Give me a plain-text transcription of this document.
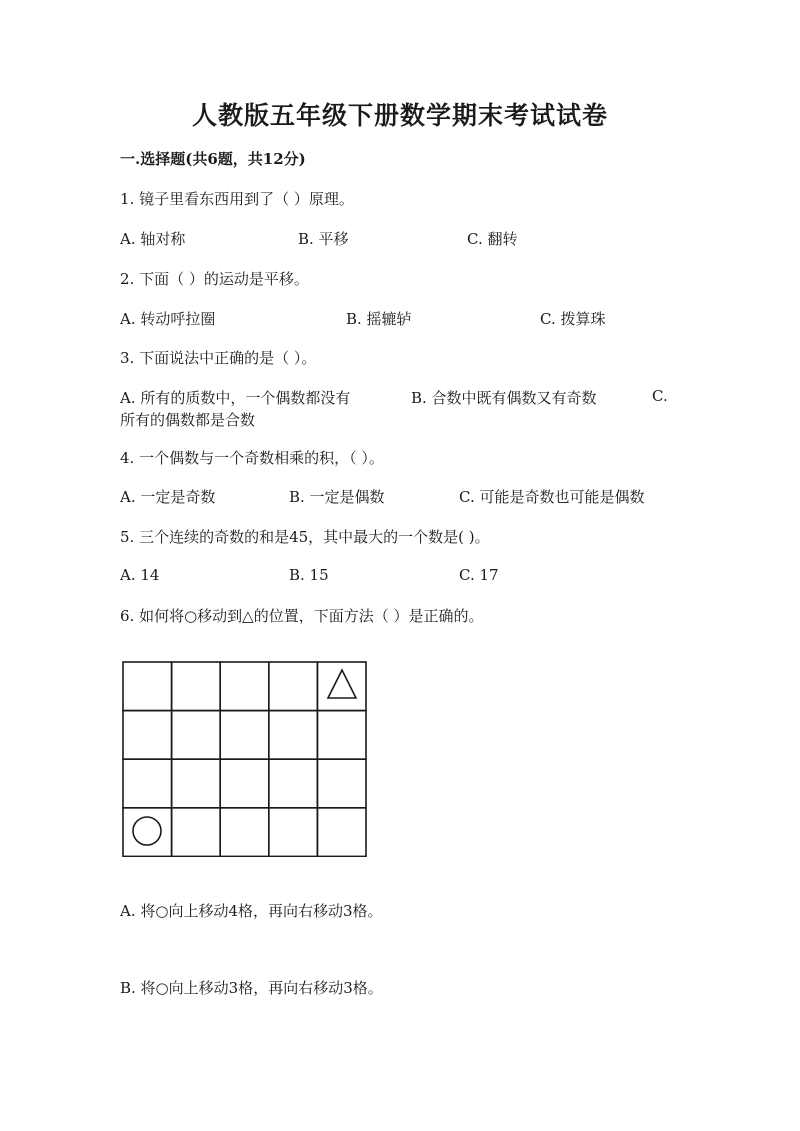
人教版五年级下册数学期末考试试卷
一.选择题(共6题，共12分)
1. 镜子里看东西用到了（ ）原理。
A. 轴对称	B. 平移	C. 翻转
2. 下面（ ）的运动是平移。
A. 转动呼拉圈	B. 摇辘轳	C. 拨算珠
3. 下面说法中正确的是（ ）。
A. 所有的质数中，一个偶数都没有	B. 合数中既有偶数又有奇数	C.
所有的偶数都是合数
4. 一个偶数与一个奇数相乘的积，（ ）。
A. 一定是奇数	B. 一定是偶数	C. 可能是奇数也可能是偶数
5. 三个连续的奇数的和是45，其中最大的一个数是( )。
A. 14	B. 15	C. 17
6. 如何将○移动到△的位置，下面方法（ ）是正确的。
A. 将○向上移动4格，再向右移动3格。
B. 将○向上移动3格，再向右移动3格。
